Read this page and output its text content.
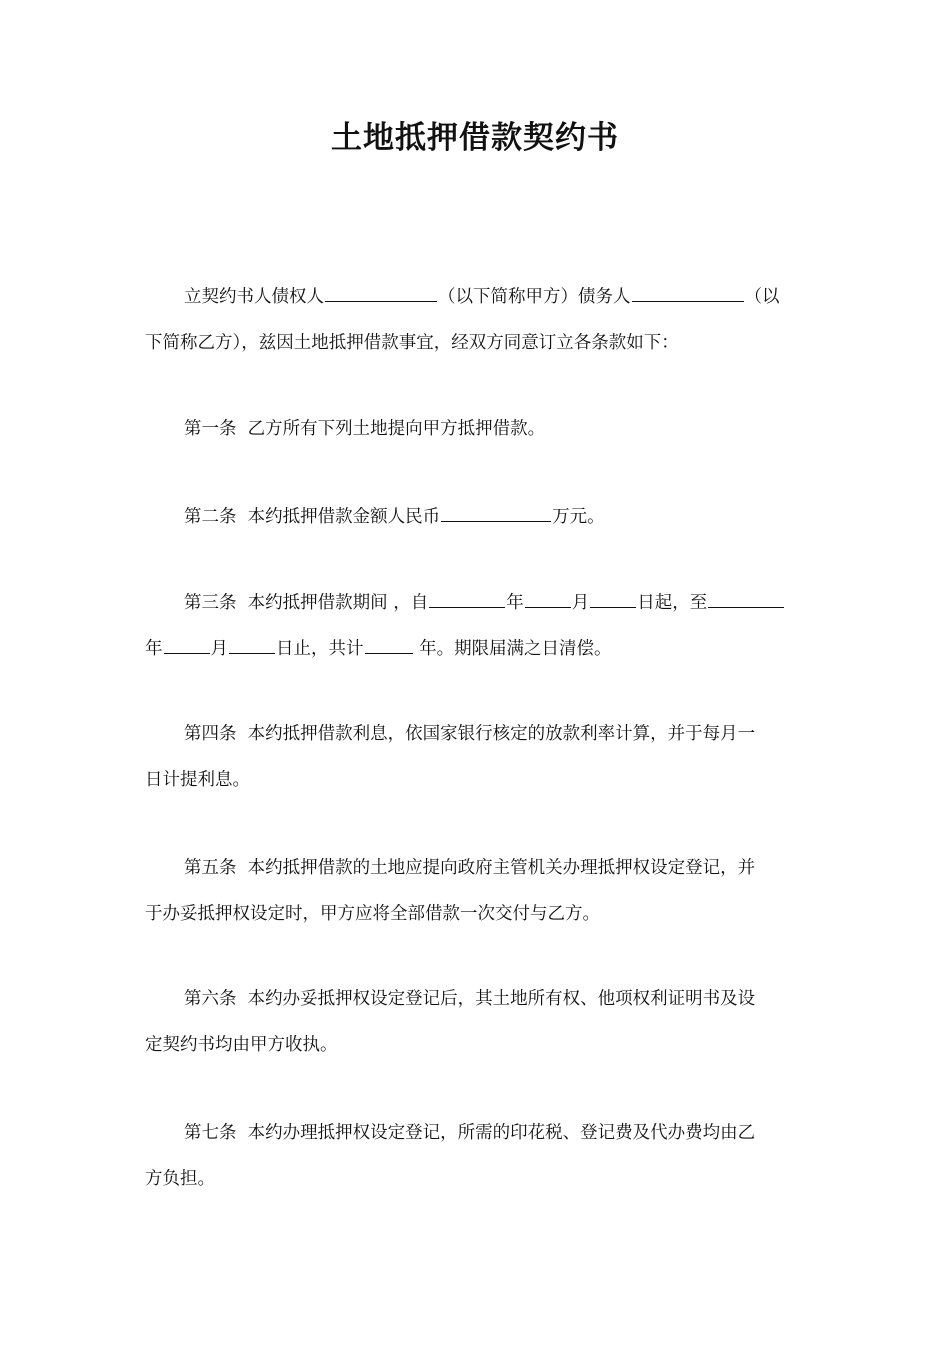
土地抵押借款契约书
立契约书人债权人	（以下简称甲方）债务人	（以
下简称乙方），兹因土地抵押借款事宜，经双方同意订立各条款如下：
第一条 乙方所有下列土地提向甲方抵押借款。
第二条 本约抵押借款金额人民币	万元。
第三条 本约抵押借款期间 ，自	年	月	日起，至
年	月	日止，共计	年。期限届满之日清偿。
第四条 本约抵押借款利息，依国家银行核定的放款利率计算，并于每月一
日计提利息。
第五条 本约抵押借款的土地应提向政府主管机关办理抵押权设定登记，并
于办妥抵押权设定时，甲方应将全部借款一次交付与乙方。
第六条 本约办妥抵押权设定登记后，其土地所有权、他项权利证明书及设
定契约书均由甲方收执。
第七条 本约办理抵押权设定登记，所需的印花税、登记费及代办费均由乙
方负担。
